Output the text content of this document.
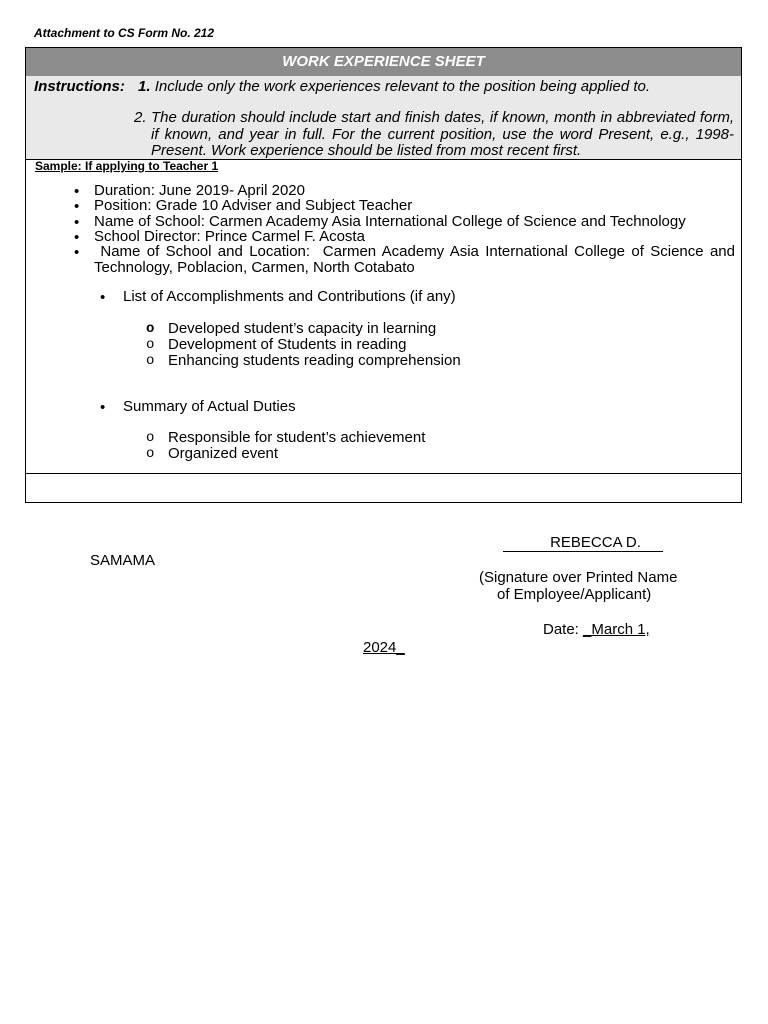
Attachment to CS Form No. 212
WORK EXPERIENCE SHEET
Instructions: 1. Include only the work experiences relevant to the position being applied to.
2. The duration should include start and finish dates, if known, month in abbreviated form, if known, and year in full. For the current position, use the word Present, e.g., 1998-Present. Work experience should be listed from most recent first.
Sample: If applying to Teacher 1
• Duration: June 2019- April 2020
• Position: Grade 10 Adviser and Subject Teacher
• Name of School: Carmen Academy Asia International College of Science and Technology
• School Director: Prince Carmel F. Acosta
• Name of School and Location:  Carmen Academy Asia International College of Science and Technology, Poblacion, Carmen, North Cotabato
• List of Accomplishments and Contributions (if any)
o Developed student’s capacity in learning
o Development of Students in reading
o Enhancing students reading comprehension
• Summary of Actual Duties
o Responsible for student’s achievement
o Organized event
REBECCA D.
SAMAMA
(Signature over Printed Name
of Employee/Applicant)
Date: _March 1,
2024_
